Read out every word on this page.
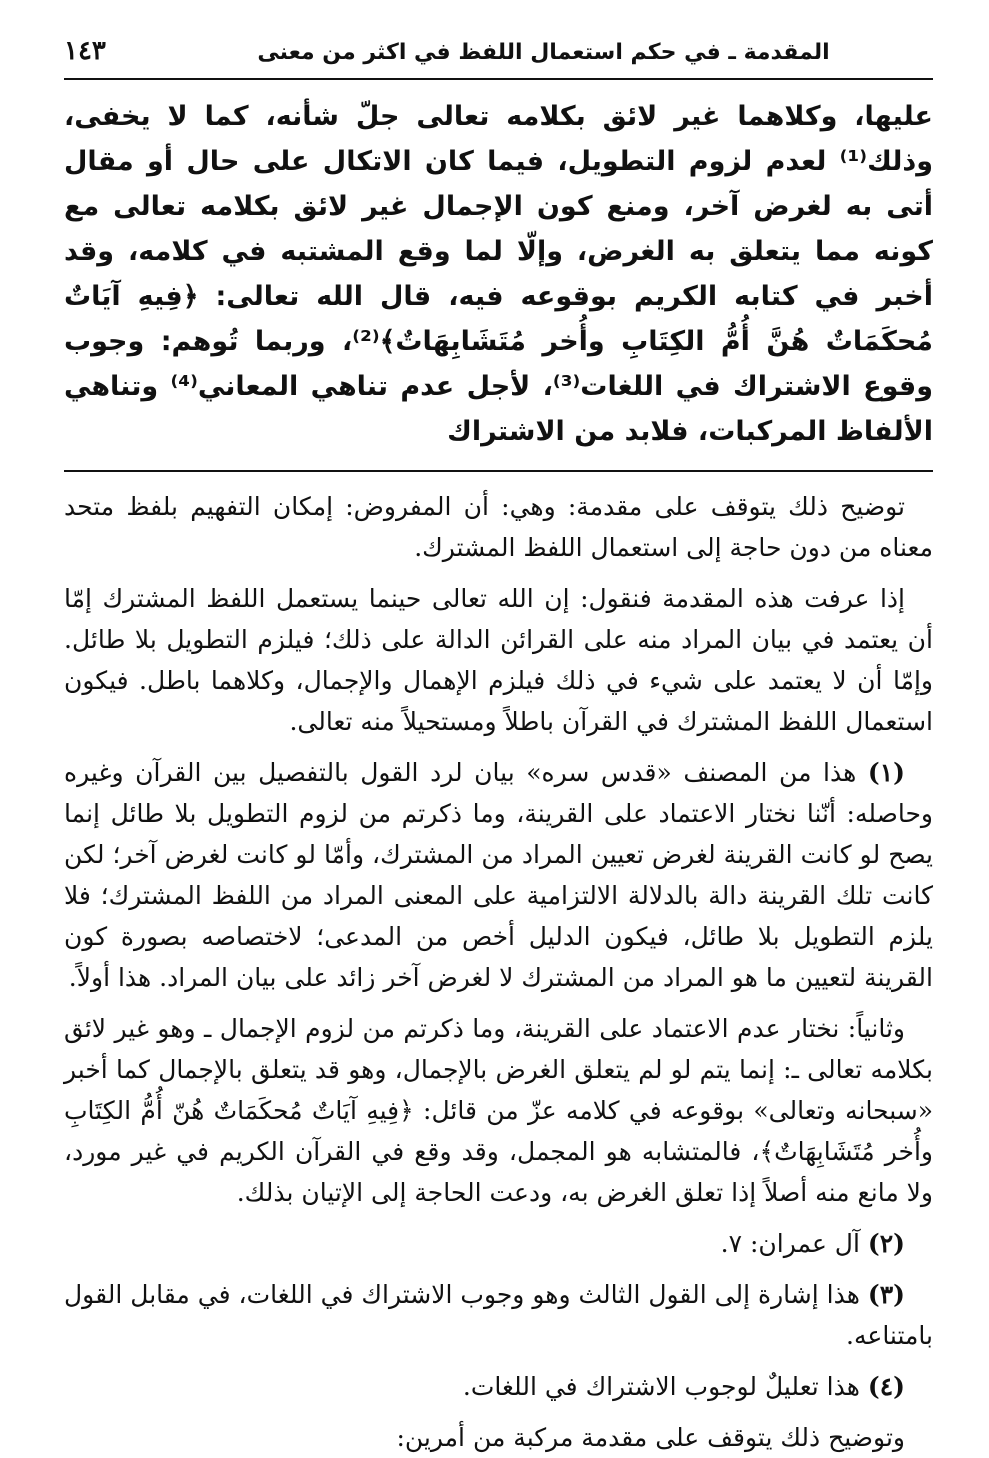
المقدمة ـ في حكم استعمال اللفظ في اكثر من معنى
١٤٣

عليها، وكلاهما غير لائق بكلامه تعالى جلّ شأنه، كما لا يخفى، وذلك⁽¹⁾ لعدم لزوم التطويل، فيما كان الاتكال على حال أو مقال أتى به لغرض آخر، ومنع كون الإجمال غير لائق بكلامه تعالى مع كونه مما يتعلق به الغرض، وإلّا لما وقع المشتبه في كلامه، وقد أخبر في كتابه الكريم بوقوعه فيه، قال الله تعالى: ﴿فِيهِ آيَاتٌ مُحكَمَاتٌ هُنَّ أُمُّ الكِتَابِ وأُخر مُتَشَابِهَاتٌ﴾⁽²⁾، وربما تُوهم: وجوب وقوع الاشتراك في اللغات⁽³⁾، لأجل عدم تناهي المعاني⁽⁴⁾ وتناهي الألفاظ المركبات، فلابد من الاشتراك

توضيح ذلك يتوقف على مقدمة: وهي: أن المفروض: إمكان التفهيم بلفظ متحد معناه من دون حاجة إلى استعمال اللفظ المشترك.

إذا عرفت هذه المقدمة فنقول: إن الله تعالى حينما يستعمل اللفظ المشترك إمّا أن يعتمد في بيان المراد منه على القرائن الدالة على ذلك؛ فيلزم التطويل بلا طائل. وإمّا أن لا يعتمد على شيء في ذلك فيلزم الإهمال والإجمال، وكلاهما باطل. فيكون استعمال اللفظ المشترك في القرآن باطلاً ومستحيلاً منه تعالى.

(١) هذا من المصنف «قدس سره» بيان لرد القول بالتفصيل بين القرآن وغيره وحاصله: أنّنا نختار الاعتماد على القرينة، وما ذكرتم من لزوم التطويل بلا طائل إنما يصح لو كانت القرينة لغرض تعيين المراد من المشترك، وأمّا لو كانت لغرض آخر؛ لكن كانت تلك القرينة دالة بالدلالة الالتزامية على المعنى المراد من اللفظ المشترك؛ فلا يلزم التطويل بلا طائل، فيكون الدليل أخص من المدعى؛ لاختصاصه بصورة كون القرينة لتعيين ما هو المراد من المشترك لا لغرض آخر زائد على بيان المراد. هذا أولاً.

وثانياً: نختار عدم الاعتماد على القرينة، وما ذكرتم من لزوم الإجمال ـ وهو غير لائق بكلامه تعالى ـ: إنما يتم لو لم يتعلق الغرض بالإجمال، وهو قد يتعلق بالإجمال كما أخبر «سبحانه وتعالى» بوقوعه في كلامه عزّ من قائل: ﴿فِيهِ آيَاتٌ مُحكَمَاتٌ هُنّ أُمُّ الكِتَابِ وأُخر مُتَشَابِهَاتٌ﴾، فالمتشابه هو المجمل، وقد وقع في القرآن الكريم في غير مورد، ولا مانع منه أصلاً إذا تعلق الغرض به، ودعت الحاجة إلى الإتيان بذلك.

(٢) آل عمران: ٧.

(٣) هذا إشارة إلى القول الثالث وهو وجوب الاشتراك في اللغات، في مقابل القول بامتناعه.

(٤) هذا تعليلٌ لوجوب الاشتراك في اللغات.

وتوضيح ذلك يتوقف على مقدمة مركبة من أمرين:
